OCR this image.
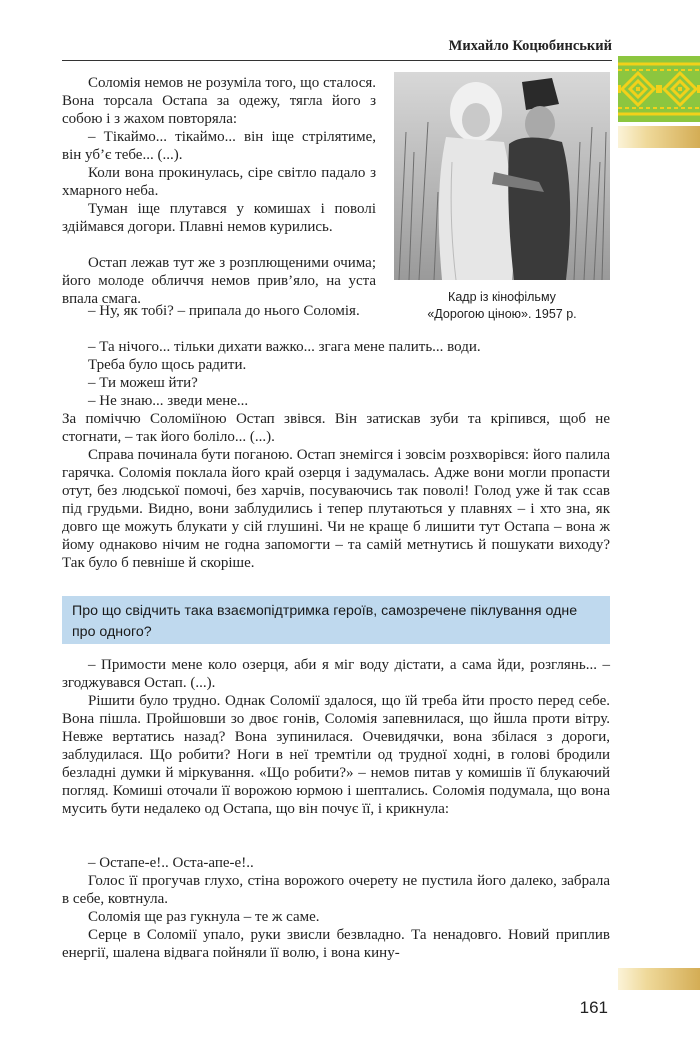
Михайло Коцюбинський
Кадр із кінофільму
«Дорогою ціною». 1957 р.

Соломія немов не розуміла того, що сталося. Вона торсала Остапа за одежу, тягла його з собою і з жахом повторяла:

– Тікаймо... тікаймо... він іще стрілятиме, він уб’є тебе... (...).

Коли вона прокинулась, сіре світло падало з хмарного неба.

Туман іще плутався у комишах і поволі здіймався догори. Плавні немов курились.

Остап лежав тут же з розплющеними очима; його молоде обличчя немов прив’яло, на уста впала смага.

– Ну, як тобі? – припала до нього Соломія.

– Та нічого... тільки дихати важко... згага мене палить... води.

Треба було щось радити.

– Ти можеш йти?

– Не знаю... зведи мене...

За поміччю Соломіїною Остап звівся. Він затискав зуби та кріпився, щоб не стогнати, – так його боліло... (...).

Справа починала бути поганою. Остап знемігся і зовсім розхворівся: його палила гарячка. Соломія поклала його край озерця і задумалась. Адже вони могли пропасти отут, без людської помочі, без харчів, посуваючись так поволі! Голод уже й так ссав під грудьми. Видно, вони заблудились і тепер плутаються у плавнях – і хто зна, як довго ще можуть блукати у сій глушині. Чи не краще б лишити тут Остапа – вона ж йому однаково нічим не годна запомогти – та самій метнутись й пошукати виходу? Так було б певніше й скоріше.

Про що свідчить така взаємопідтримка героїв, самозречене піклування одне про одного?

– Примости мене коло озерця, аби я міг воду дістати, а сама йди, розглянь... – згоджувався Остап. (...).

Рішити було трудно. Однак Соломії здалося, що їй треба йти просто перед себе. Вона пішла. Пройшовши зо двоє гонів, Соломія запевнилася, що йшла проти вітру. Невже вертатись назад? Вона зупинилася. Очевидячки, вона збілася з дороги, заблудилася. Що робити? Ноги в неї тремтіли од трудної ходні, в голові бродили безладні думки й міркування. «Що робити?» – немов питав у комишів її блукаючий погляд. Комиші оточали її ворожою юрмою і шептались. Соломія подумала, що вона мусить бути недалеко од Остапа, що він почує її, і крикнула:

– Остапе-е!.. Оста-апе-е!..

Голос її прогучав глухо, стіна ворожого очерету не пустила його далеко, забрала в себе, ковтнула.

Соломія ще раз гукнула – те ж саме.

Серце в Соломії упало, руки звисли безвладно. Та ненадовго. Новий приплив енергії, шалена відвага пойняли її волю, і вона кину-

161
